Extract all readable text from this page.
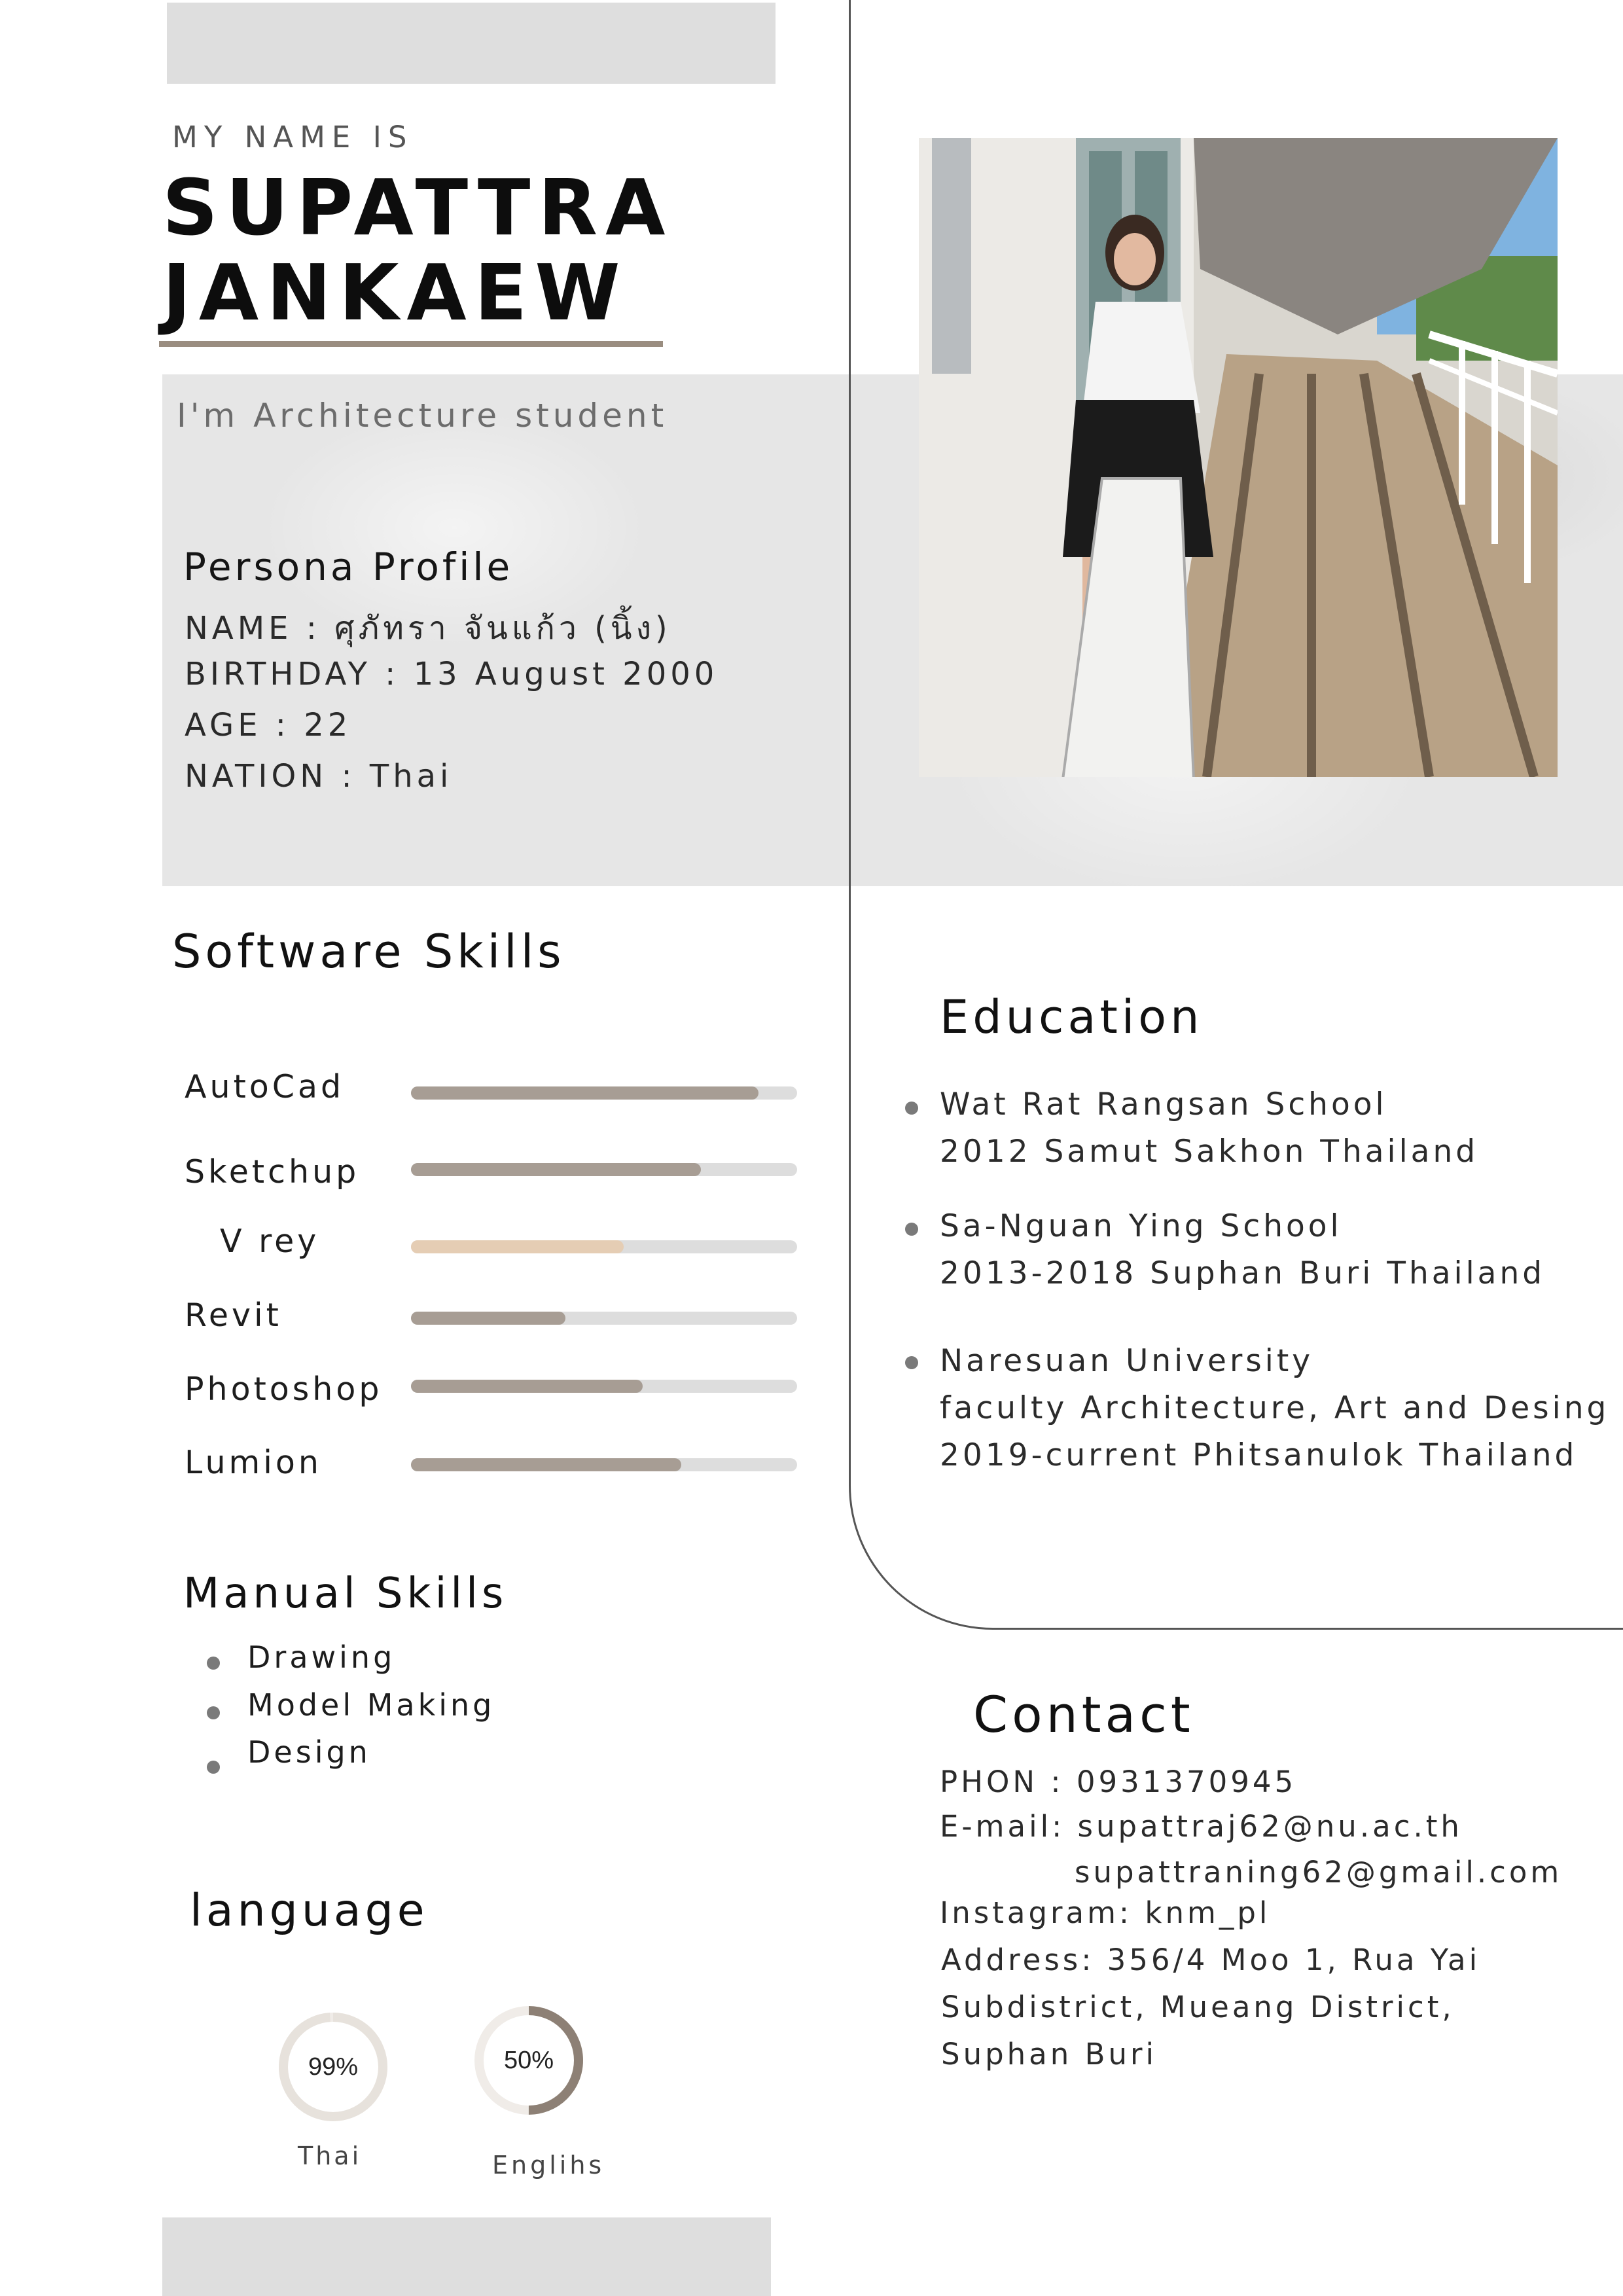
MY NAME IS
SUPATTRA
JANKAEW
I'm Architecture student
Persona Profile
NAME : ศุภัทรา จันแก้ว (นิ้ง)
BIRTHDAY : 13 August 2000
AGE : 22
NATION : Thai
Software Skills
AutoCad
Sketchup
V rey
Revit
Photoshop
Lumion
Manual Skills
Drawing
Model Making
Design
language
99%
Thai
50%
Englihs
Education
Wat Rat Rangsan School
2012 Samut Sakhon Thailand
Sa-Nguan Ying School
2013-2018 Suphan Buri Thailand
Naresuan University
faculty Architecture, Art and Desing
2019-current Phitsanulok Thailand
Contact
PHON : 0931370945
E-mail: supattraj62@nu.ac.th
supattraning62@gmail.com
Instagram: knm_pl
Address: 356/4 Moo 1, Rua Yai
Subdistrict, Mueang District,
Suphan Buri
